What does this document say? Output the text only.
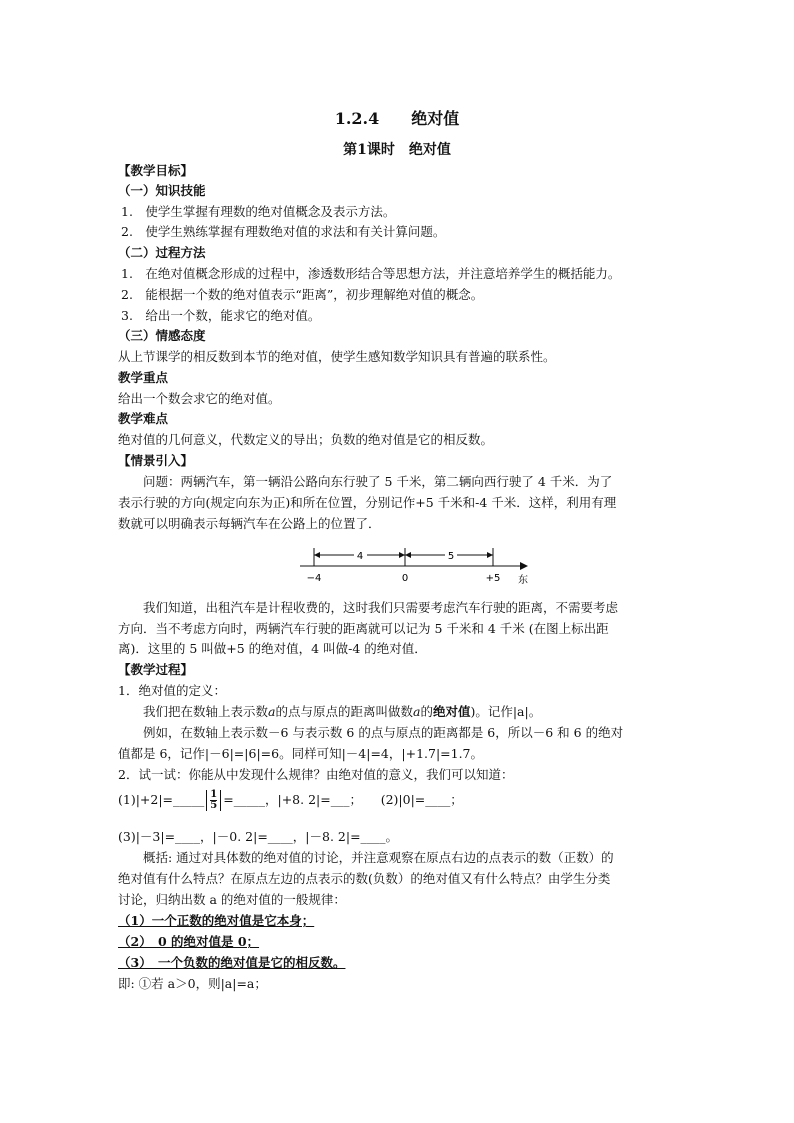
1.2.4　　绝对值
第1课时　绝对值
【教学目标】
（一）知识技能
1.　使学生掌握有理数的绝对值概念及表示方法。
2.　使学生熟练掌握有理数绝对值的求法和有关计算问题。
（二）过程方法
1.　在绝对值概念形成的过程中，渗透数形结合等思想方法，并注意培养学生的概括能力。
2.　能根据一个数的绝对值表示“距离”，初步理解绝对值的概念。
3.　给出一个数，能求它的绝对值。
（三）情感态度
从上节课学的相反数到本节的绝对值，使学生感知数学知识具有普遍的联系性。
教学重点
给出一个数会求它的绝对值。
教学难点
绝对值的几何意义，代数定义的导出；负数的绝对值是它的相反数。
【情景引入】
　　问题：两辆汽车，第一辆沿公路向东行驶了 5 千米，第二辆向西行驶了 4 千米．为了
表示行驶的方向(规定向东为正)和所在位置，分别记作+5 千米和-4 千米．这样，利用有理
数就可以明确表示每辆汽车在公路上的位置了．
4	5
−4	0	+5 东
　　我们知道，出租汽车是计程收费的，这时我们只需要考虑汽车行驶的距离，不需要考虑
方向．当不考虑方向时，两辆汽车行驶的距离就可以记为 5 千米和 4 千米 (在图上标出距
离)．这里的 5 叫做+5 的绝对值，4 叫做-4 的绝对值．
【教学过程】
1．绝对值的定义：
　　我们把在数轴上表示数a的点与原点的距离叫做数a的绝对值)。记作|a|。
　　例如，在数轴上表示数－6 与表示数 6 的点与原点的距离都是 6，所以－6 和 6 的绝对
值都是 6，记作|－6|=|6|=6。同样可知|－4|=4，|+1.7|=1.7。
2．试一试：你能从中发现什么规律？由绝对值的意义，我们可以知道：
(1)|+2|=_____ $\frac{1}{5}$ =_____，|+8. 2|=___；　　(2)|0|=____；
(3)|－3|=____，|－0. 2|=____，|－8. 2|=____。
　　概括: 通过对具体数的绝对值的讨论，并注意观察在原点右边的点表示的数（正数）的
绝对值有什么特点？在原点左边的点表示的数(负数）的绝对值又有什么特点？由学生分类
讨论，归纳出数 a 的绝对值的一般规律：
（1）一个正数的绝对值是它本身；
（2）　0 的绝对值是 0；
（3）　一个负数的绝对值是它的相反数。
即: ①若 a＞0，则|a|=a；
